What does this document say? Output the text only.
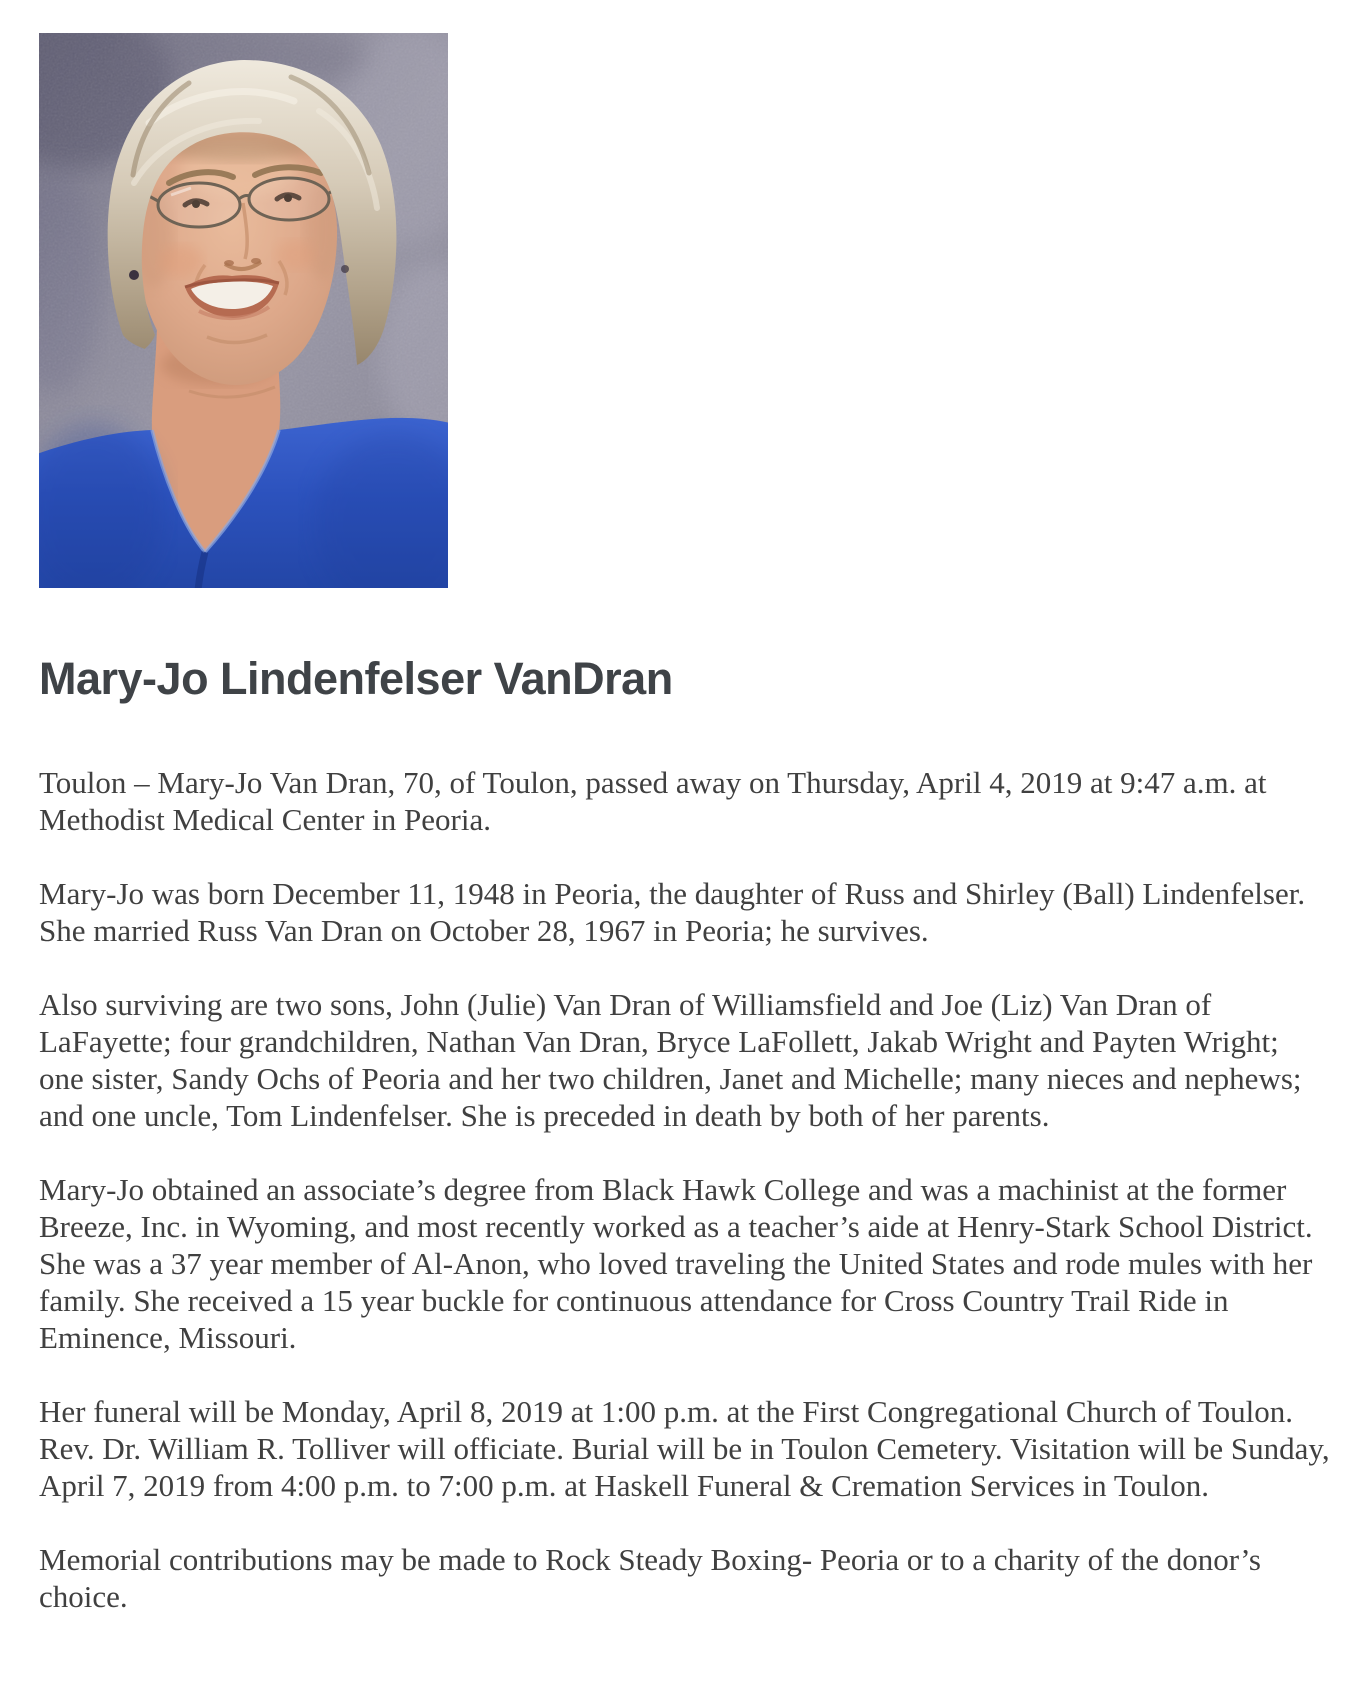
Mary-Jo Lindenfelser VanDran

Toulon – Mary-Jo Van Dran, 70, of Toulon, passed away on Thursday, April 4, 2019 at 9:47 a.m. at Methodist Medical Center in Peoria.

Mary-Jo was born December 11, 1948 in Peoria, the daughter of Russ and Shirley (Ball) Lindenfelser. She married Russ Van Dran on October 28, 1967 in Peoria; he survives.

Also surviving are two sons, John (Julie) Van Dran of Williamsfield and Joe (Liz) Van Dran of LaFayette; four grandchildren, Nathan Van Dran, Bryce LaFollett, Jakab Wright and Payten Wright; one sister, Sandy Ochs of Peoria and her two children, Janet and Michelle; many nieces and nephews; and one uncle, Tom Lindenfelser. She is preceded in death by both of her parents.

Mary-Jo obtained an associate’s degree from Black Hawk College and was a machinist at the former Breeze, Inc. in Wyoming, and most recently worked as a teacher’s aide at Henry-Stark School District. She was a 37 year member of Al-Anon, who loved traveling the United States and rode mules with her family. She received a 15 year buckle for continuous attendance for Cross Country Trail Ride in Eminence, Missouri.

Her funeral will be Monday, April 8, 2019 at 1:00 p.m. at the First Congregational Church of Toulon. Rev. Dr. William R. Tolliver will officiate. Burial will be in Toulon Cemetery. Visitation will be Sunday, April 7, 2019 from 4:00 p.m. to 7:00 p.m. at Haskell Funeral & Cremation Services in Toulon.

Memorial contributions may be made to Rock Steady Boxing- Peoria or to a charity of the donor’s choice.
